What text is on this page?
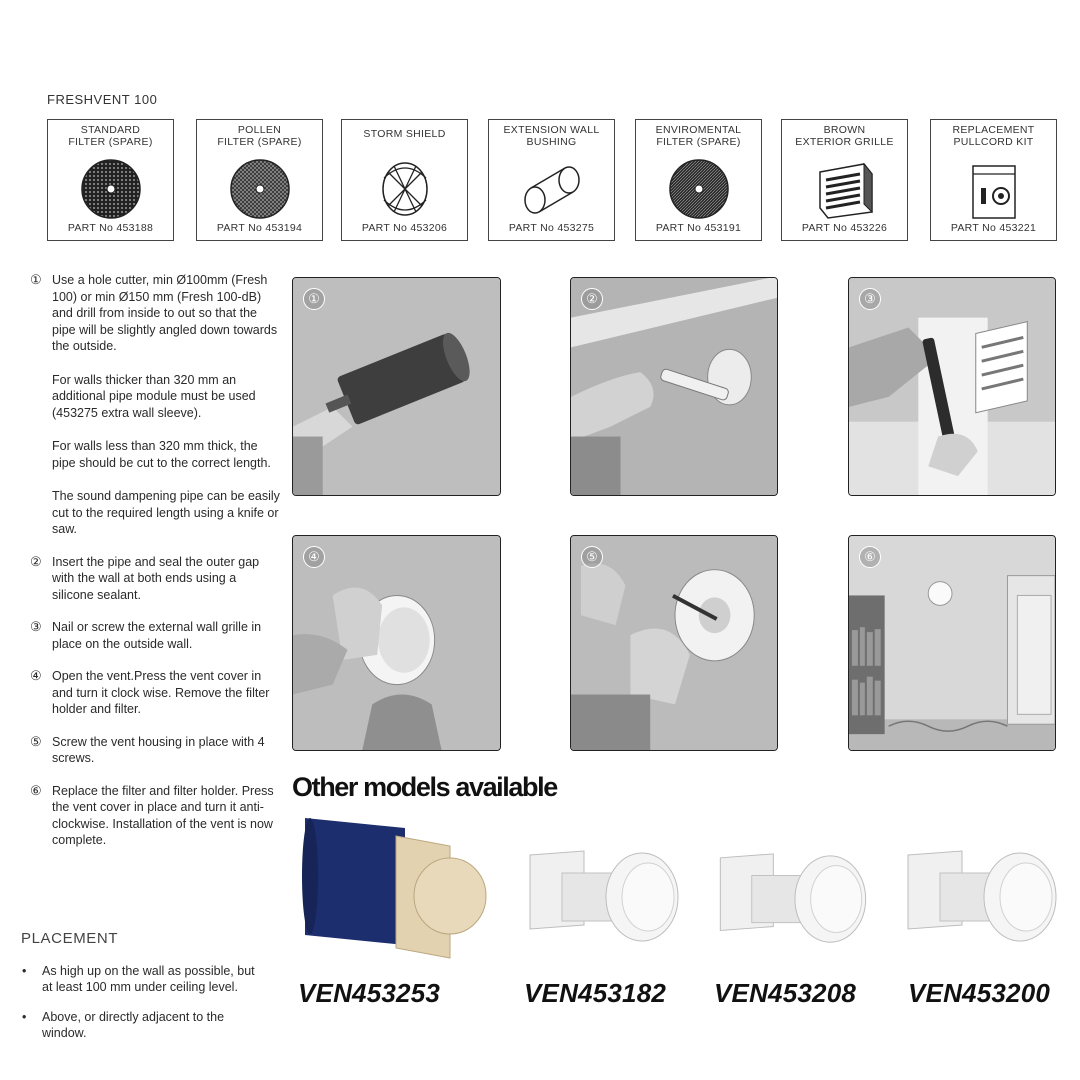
FRESHVENT 100
STANDARD
FILTER (SPARE)
PART No 453188
POLLEN
FILTER (SPARE)
PART No 453194
STORM SHIELD
PART No 453206
EXTENSION WALL
BUSHING
PART No 453275
ENVIROMENTAL
FILTER (SPARE)
PART No 453191
BROWN
EXTERIOR GRILLE
PART No 453226
REPLACEMENT
PULLCORD KIT
PART No 453221
① Use a hole cutter, min Ø100mm (Fresh 100) or min Ø150 mm (Fresh 100-dB) and drill from inside to out so that the pipe will be slightly angled down towards the outside.

For walls thicker than 320 mm an additional pipe module must be used (453275 extra wall sleeve).

For walls less than 320 mm thick, the pipe should be cut to the correct length.

The sound dampening pipe can be easily cut to the required length using a knife or saw.

② Insert the pipe and seal the outer gap with the wall at both ends using a silicone sealant.

③ Nail or screw the external wall grille in place on the outside wall.

④ Open the vent.Press the vent cover in and turn it clock wise. Remove the filter holder and filter.

⑤ Screw the vent housing in place with 4 screws.

⑥ Replace the filter and filter holder. Press the vent cover in place and turn it anti-clockwise. Installation of the vent is now complete.

PLACEMENT
• As high up on the wall as possible, but at least 100 mm under ceiling level.
• Above, or directly adjacent to the window.
①	②	③
④	⑤	⑥
Other models available
VEN453253	VEN453182 VEN453208 VEN453200
